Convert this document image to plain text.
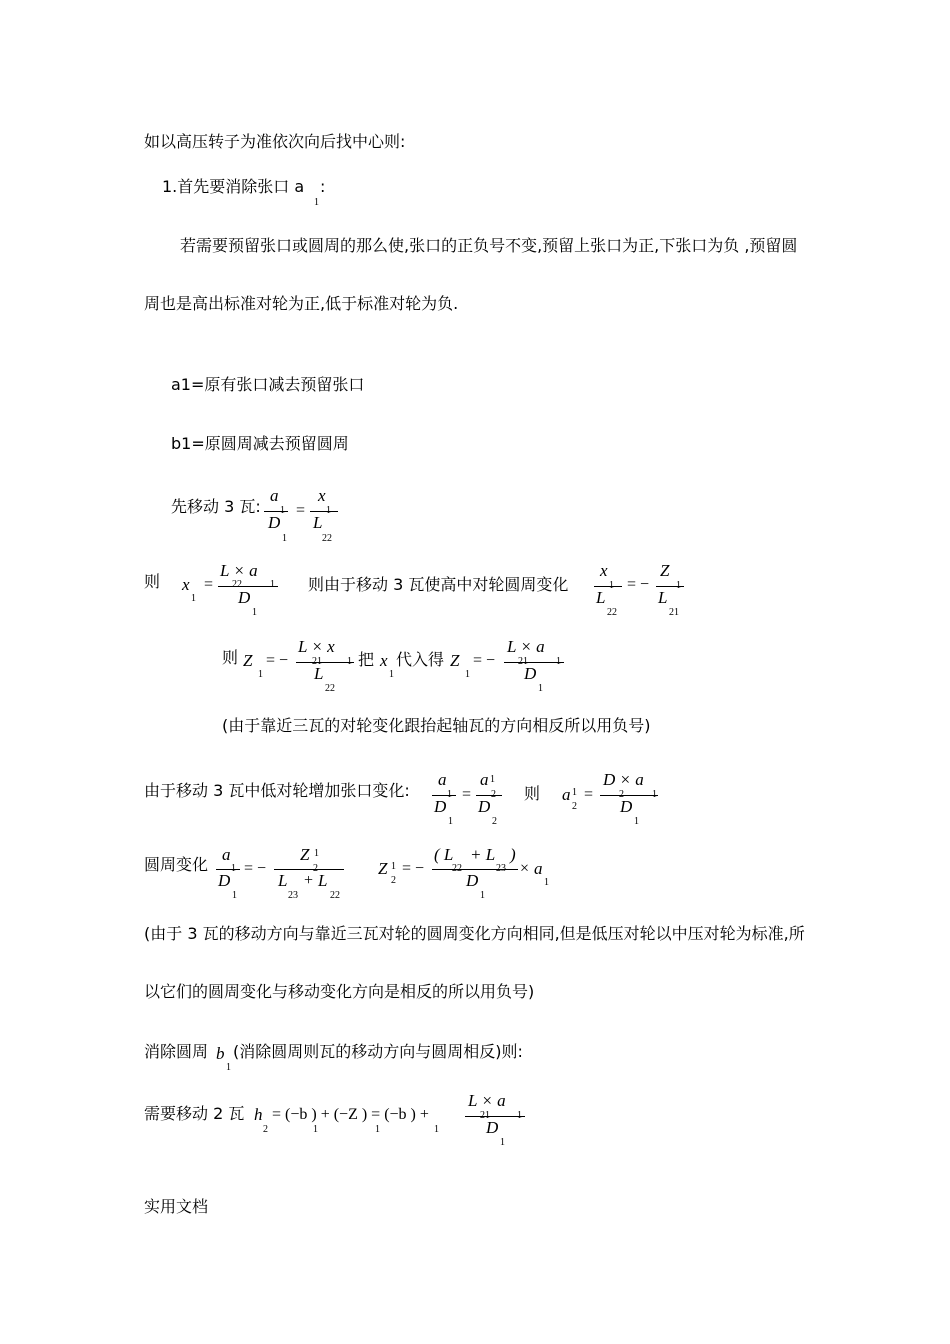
如以高压转子为准依次向后找中心则:
1.首先要消除张口 a
1
:
若需要预留张口或圆周的那么使,张口的正负号不变,预留上张口为正,下张口为负 ,预留圆
周也是高出标准对轮为正,低于标准对轮为负.
a1=原有张口减去预留张口
b1=原圆周减去预留圆周
先移动 3 瓦:
a
1
D
1
=
x
1
L
22
则 x
1
=
L × a
22	1
D
1
则由于移动 3 瓦使高中对轮圆周变化
x
1
L
22
= −
Z
1
L
21
则 Z
1
= −
L × x
21	1
L
22
把 x
1
代入得 Z
1
= −
L × a
21	1
D
1
(由于靠近三瓦的对轮变化跟抬起轴瓦的方向相反所以用负号)
由于移动 3 瓦中低对轮增加张口变化:
a
1
D
1
=
a 1
2
D
2
则 a 1
2
=
D × a
2	1
D
1
圆周变化
a
1
D
1
= −
Z 1
2
L
23
+ L
22
Z 1
2
= −
( L
22
+ L
23
)
D
1
× a
1
(由于 3 瓦的移动方向与靠近三瓦对轮的圆周变化方向相同,但是低压对轮以中压对轮为标准,所
以它们的圆周变化与移动变化方向是相反的所以用负号)
消除圆周 b
1
(消除圆周则瓦的移动方向与圆周相反)则:
需要移动 2 瓦 h
2
= (−b ) + (−Z ) = (−b ) +
1	1	1
L × a
21	1
D
1
实用文档
